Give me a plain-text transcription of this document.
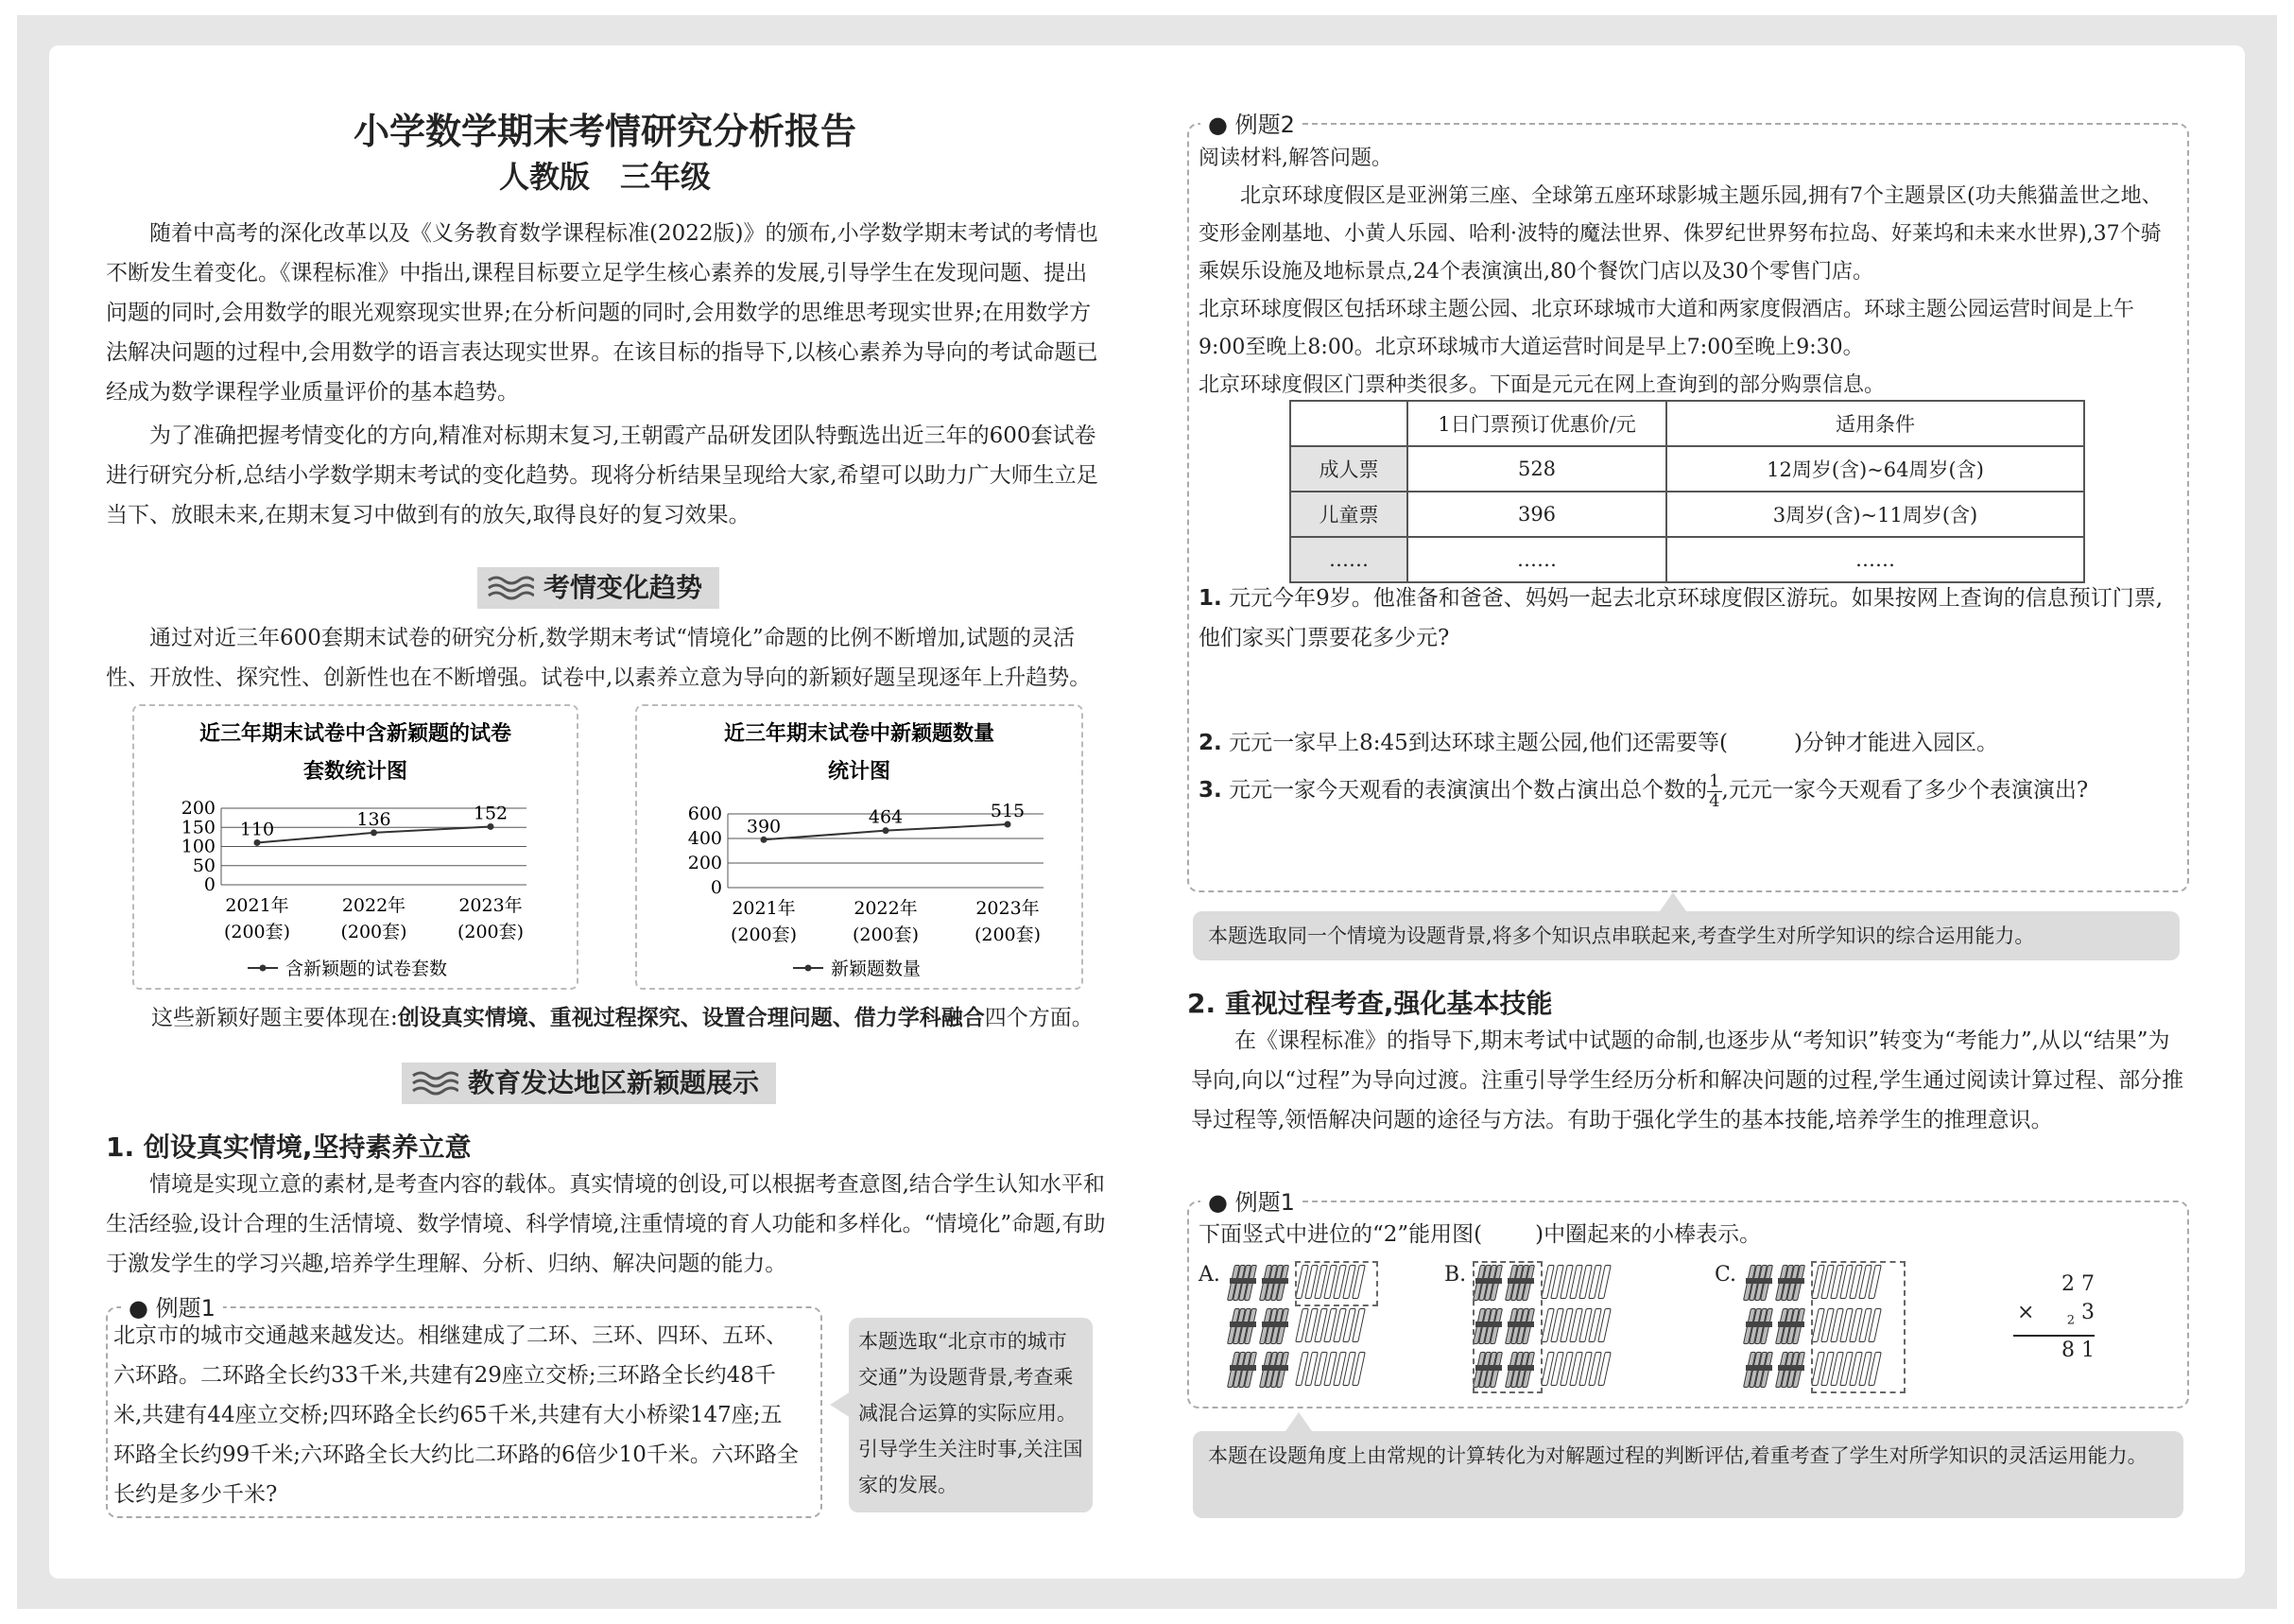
小学数学期末考情研究分析报告
人教版　三年级

随着中高考的深化改革以及《义务教育数学课程标准(2022版)》的颁布,小学数学期末考试的考情也不断发生着变化。《课程标准》中指出,课程目标要立足学生核心素养的发展,引导学生在发现问题、提出问题的同时,会用数学的眼光观察现实世界;在分析问题的同时,会用数学的思维思考现实世界;在用数学方法解决问题的过程中,会用数学的语言表达现实世界。在该目标的指导下,以核心素养为导向的考试命题已经成为数学课程学业质量评价的基本趋势。

为了准确把握考情变化的方向,精准对标期末复习,王朝霞产品研发团队特甄选出近三年的600套试卷进行研究分析,总结小学数学期末考试的变化趋势。现将分析结果呈现给大家,希望可以助力广大师生立足当下、放眼未来,在期末复习中做到有的放矢,取得良好的复习效果。

考情变化趋势

通过对近三年600套期末试卷的研究分析,数学期末考试“情境化”命题的比例不断增加,试题的灵活性、开放性、探究性、创新性也在不断增强。试卷中,以素养立意为导向的新颖好题呈现逐年上升趋势。

近三年期末试卷中含新颖题的试卷
套数统计图
200
150
100
50
0
110	136	152
2021年
(200套)
2022年
(200套)
2023年
(200套)
含新颖题的试卷套数
近三年期末试卷中新颖题数量
统计图
600
400
200
0
390	464	515
2021年
(200套)
2022年
(200套)
2023年
(200套)
新颖题数量
这些新颖好题主要体现在:创设真实情境、重视过程探究、设置合理问题、借力学科融合四个方面。
教育发达地区新颖题展示
1. 创设真实情境,坚持素养立意

情境是实现立意的素材,是考查内容的载体。真实情境的创设,可以根据考查意图,结合学生认知水平和生活经验,设计合理的生活情境、数学情境、科学情境,注重情境的育人功能和多样化。“情境化”命题,有助于激发学生的学习兴趣,培养学生理解、分析、归纳、解决问题的能力。

北京市的城市交通越来越发达。相继建成了二环、三环、四环、五环、六环路。二环路全长约33千米,共建有29座立交桥;三环路全长约48千米,共建有44座立交桥;四环路全长约65千米,共建有大小桥梁147座;五环路全长约99千米;六环路全长大约比二环路的6倍少10千米。六环路全长约是多少千米?
● 例题1
本题选取“北京市的城市交通”为设题背景,考查乘减混合运算的实际应用。引导学生关注时事,关注国家的发展。
● 例题2
阅读材料,解答问题。
北京环球度假区是亚洲第三座、全球第五座环球影城主题乐园,拥有7个主题景区(功夫熊猫盖世之地、变形金刚基地、小黄人乐园、哈利·波特的魔法世界、侏罗纪世界努布拉岛、好莱坞和未来水世界),37个骑乘娱乐设施及地标景点,24个表演演出,80个餐饮门店以及30个零售门店。
北京环球度假区包括环球主题公园、北京环球城市大道和两家度假酒店。环球主题公园运营时间是上午9:00至晚上8:00。北京环球城市大道运营时间是早上7:00至晚上9:30。
北京环球度假区门票种类很多。下面是元元在网上查询到的部分购票信息。
	1日门票预订优惠价/元	适用条件
成人票	528	12周岁(含)~64周岁(含)
儿童票	396	3周岁(含)~11周岁(含)
……	……	……
1. 元元今年9岁。他准备和爸爸、妈妈一起去北京环球度假区游玩。如果按网上查询的信息预订门票,他们家买门票要花多少元?
2. 元元一家早上8:45到达环球主题公园,他们还需要等(	)分钟才能进入园区。
3. 元元一家今天观看的表演演出个数占演出总个数的 $\frac{1}{4}$ ,元元一家今天观看了多少个表演演出?
本题选取同一个情境为设题背景,将多个知识点串联起来,考查学生对所学知识的综合运用能力。
2. 重视过程考查,强化基本技能

在《课程标准》的指导下,期末考试中试题的命制,也逐步从“考知识”转变为“考能力”,从以“结果”为导向,向以“过程”为导向过渡。注重引导学生经历分析和解决问题的过程,学生通过阅读计算过程、部分推导过程等,领悟解决问题的途径与方法。有助于强化学生的基本技能,培养学生的推理意识。

● 例题1
下面竖式中进位的“2”能用图( )中圈起来的小棒表示。
A.	B.	C.	2 7
×	$_2$ 3
8 1
本题在设题角度上由常规的计算转化为对解题过程的判断评估,着重考查了学生对所学知识的灵活运用能力。
